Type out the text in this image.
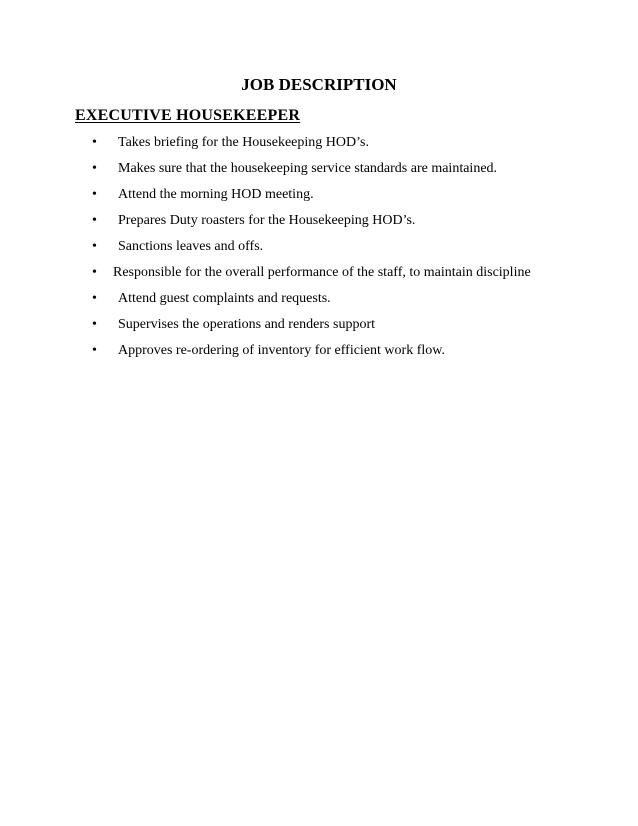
JOB DESCRIPTION
EXECUTIVE HOUSEKEEPER
• Takes briefing for the Housekeeping HOD’s.
• Makes sure that the housekeeping service standards are maintained.
• Attend the morning HOD meeting.
• Prepares Duty roasters for the Housekeeping HOD’s.
• Sanctions leaves and offs.
• Responsible for the overall performance of the staff, to maintain discipline
• Attend guest complaints and requests.
• Supervises the operations and renders support
• Approves re-ordering of inventory for efficient work flow.
